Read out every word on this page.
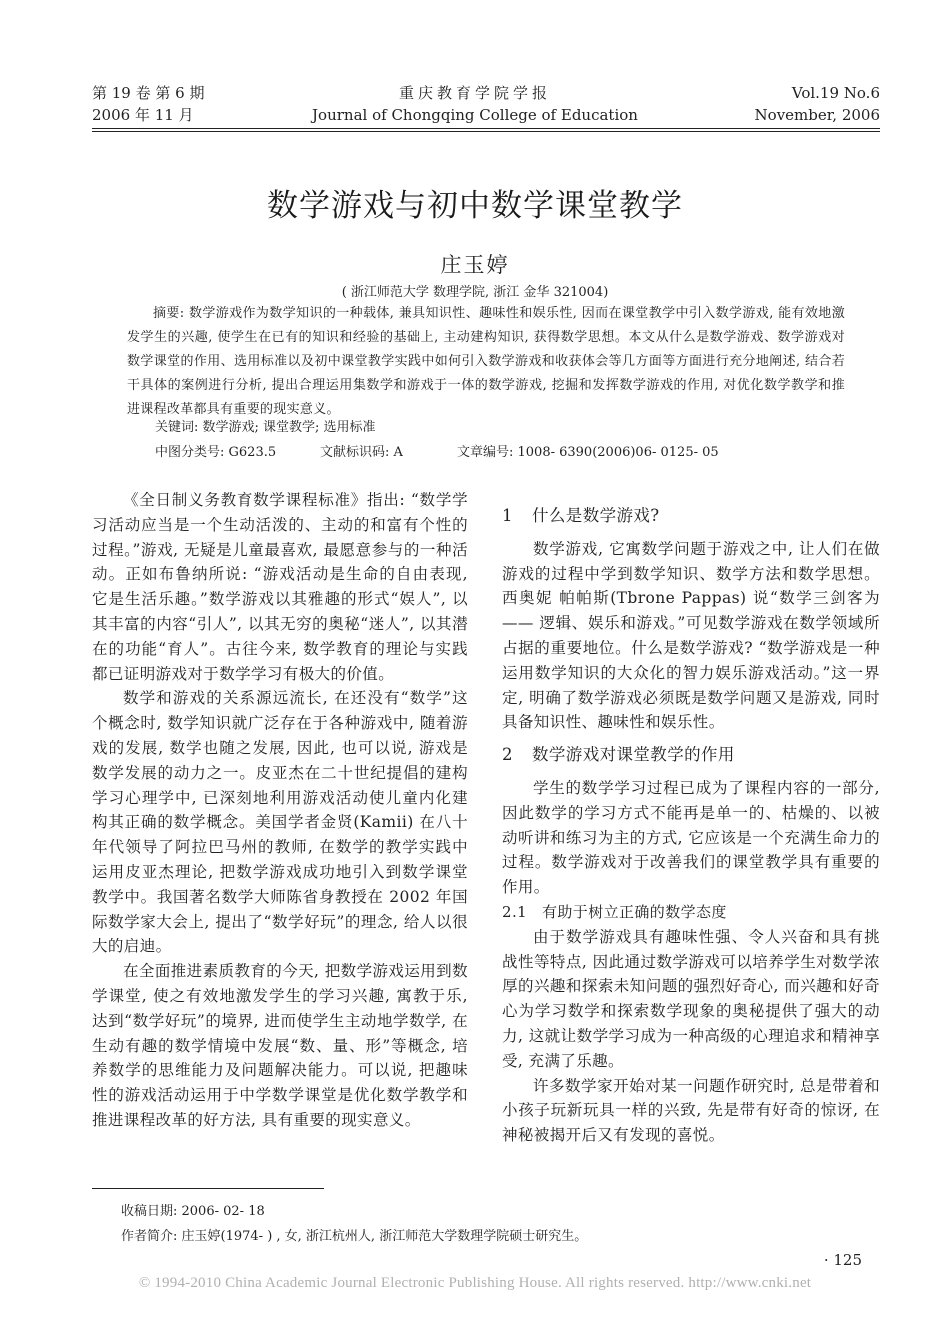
第 19 卷 第 6 期
2006 年 11 月
重庆教育学院学报
Journal of Chongqing College of Education
Vol.19 No.6
November, 2006
数学游戏与初中数学课堂教学
庄玉婷
( 浙江师范大学 数理学院, 浙江 金华 321004)

摘要: 数学游戏作为数学知识的一种载体, 兼具知识性、趣味性和娱乐性, 因而在课堂教学中引入数学游戏, 能有效地激发学生的兴趣, 使学生在已有的知识和经验的基础上, 主动建构知识, 获得数学思想。本文从什么是数学游戏、数学游戏对数学课堂的作用、选用标准以及初中课堂教学实践中如何引入数学游戏和收获体会等几方面等方面进行充分地阐述, 结合若干具体的案例进行分析, 提出合理运用集数学和游戏于一体的数学游戏, 挖掘和发挥数学游戏的作用, 对优化数学教学和推进课程改革都具有重要的现实意义。

关键词: 数学游戏; 课堂教学; 选用标准
中图分类号: G623.5	文献标识码: A	文章编号: 1008- 6390(2006)06- 0125- 05

《全日制义务教育数学课程标准》指出: “数学学习活动应当是一个生动活泼的、主动的和富有个性的过程。”游戏, 无疑是儿童最喜欢, 最愿意参与的一种活动。正如布鲁纳所说: “游戏活动是生命的自由表现, 它是生活乐趣。”数学游戏以其雅趣的形式“娱人”, 以其丰富的内容“引人”, 以其无穷的奥秘“迷人”, 以其潜在的功能“育人”。古往今来, 数学教育的理论与实践都已证明游戏对于数学学习有极大的价值。

数学和游戏的关系源远流长, 在还没有“数学”这个概念时, 数学知识就广泛存在于各种游戏中, 随着游戏的发展, 数学也随之发展, 因此, 也可以说, 游戏是数学发展的动力之一。皮亚杰在二十世纪提倡的建构学习心理学中, 已深刻地利用游戏活动使儿童内化建构其正确的数学概念。美国学者金贤(Kamii) 在八十年代领导了阿拉巴马州的教师, 在数学的教学实践中运用皮亚杰理论, 把数学游戏成功地引入到数学课堂教学中。我国著名数学大师陈省身教授在 2002 年国际数学家大会上, 提出了“数学好玩”的理念, 给人以很大的启迪。

在全面推进素质教育的今天, 把数学游戏运用到数学课堂, 使之有效地激发学生的学习兴趣, 寓教于乐, 达到“数学好玩”的境界, 进而使学生主动地学数学, 在生动有趣的数学情境中发展“数、量、形”等概念, 培养数学的思维能力及问题解决能力。可以说, 把趣味性的游戏活动运用于中学数学课堂是优化数学教学和推进课程改革的好方法, 具有重要的现实意义。

1 什么是数学游戏?

数学游戏, 它寓数学问题于游戏之中, 让人们在做游戏的过程中学到数学知识、数学方法和数学思想。西奥妮 帕帕斯(Tbrone Pappas) 说“数学三剑客为—— 逻辑、娱乐和游戏。”可见数学游戏在数学领域所占据的重要地位。什么是数学游戏? “数学游戏是一种运用数学知识的大众化的智力娱乐游戏活动。”这一界定, 明确了数学游戏必须既是数学问题又是游戏, 同时具备知识性、趣味性和娱乐性。

2 数学游戏对课堂教学的作用

学生的数学学习过程已成为了课程内容的一部分, 因此数学的学习方式不能再是单一的、枯燥的、以被动听讲和练习为主的方式, 它应该是一个充满生命力的过程。数学游戏对于改善我们的课堂教学具有重要的作用。

2.1 有助于树立正确的数学态度

由于数学游戏具有趣味性强、令人兴奋和具有挑战性等特点, 因此通过数学游戏可以培养学生对数学浓厚的兴趣和探索未知问题的强烈好奇心, 而兴趣和好奇心为学习数学和探索数学现象的奥秘提供了强大的动力, 这就让数学学习成为一种高级的心理追求和精神享受, 充满了乐趣。

许多数学家开始对某一问题作研究时, 总是带着和小孩子玩新玩具一样的兴致, 先是带有好奇的惊讶, 在神秘被揭开后又有发现的喜悦。

收稿日期: 2006- 02- 18
作者简介: 庄玉婷(1974- ) , 女, 浙江杭州人, 浙江师范大学数理学院硕士研究生。
· 125
© 1994-2010 China Academic Journal Electronic Publishing House. All rights reserved. http://www.cnki.net
